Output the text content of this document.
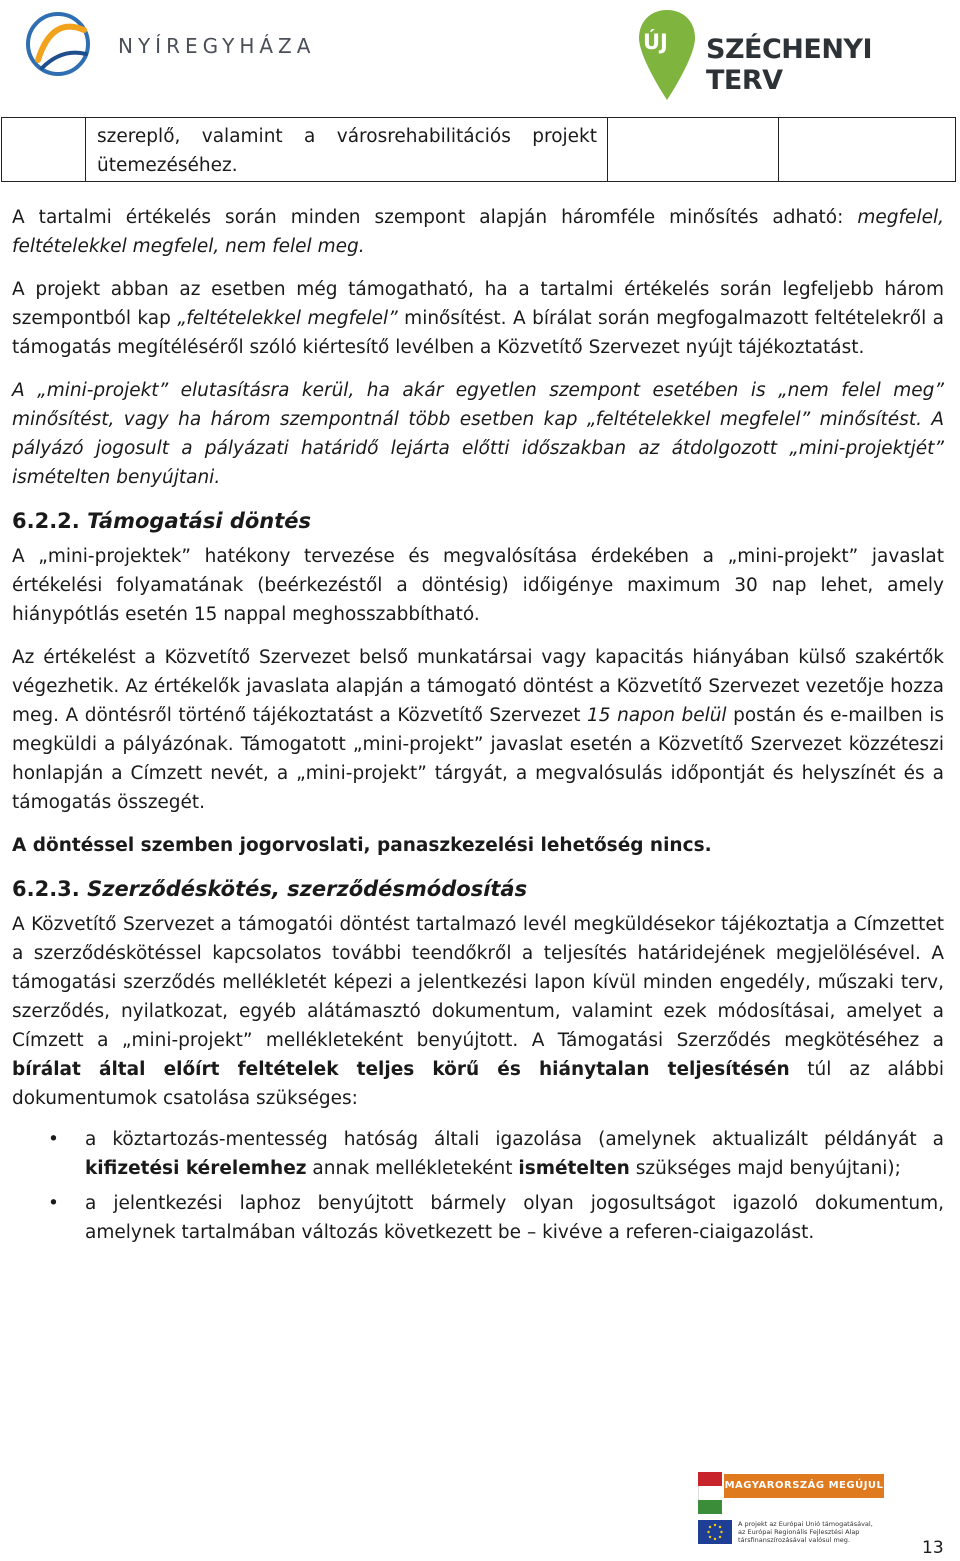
NYÍREGYHÁZA	ÚJ SZÉCHENYI TERV
	szereplő, valamint a városrehabilitációs projekt ütemezéséhez.		

A tartalmi értékelés során minden szempont alapján háromféle minősítés adható: megfelel, feltételekkel megfelel, nem felel meg.

A projekt abban az esetben még támogatható, ha a tartalmi értékelés során legfeljebb három szempontból kap „feltételekkel megfelel” minősítést. A bírálat során megfogalmazott feltételekről a támogatás megítéléséről szóló kiértesítő levélben a Közvetítő Szervezet nyújt tájékoztatást.

A „mini-projekt” elutasításra kerül, ha akár egyetlen szempont esetében is „nem felel meg” minősítést, vagy ha három szempontnál több esetben kap „feltételekkel megfelel” minősítést. A pályázó jogosult a pályázati határidő lejárta előtti időszakban az átdolgozott „mini-projektjét” ismételten benyújtani.

6.2.2. Támogatási döntés

A „mini-projektek” hatékony tervezése és megvalósítása érdekében a „mini-projekt” javaslat értékelési folyamatának (beérkezéstől a döntésig) időigénye maximum 30 nap lehet, amely hiánypótlás esetén 15 nappal meghosszabbítható.

Az értékelést a Közvetítő Szervezet belső munkatársai vagy kapacitás hiányában külső szakértők végezhetik. Az értékelők javaslata alapján a támogató döntést a Közvetítő Szervezet vezetője hozza meg. A döntésről történő tájékoztatást a Közvetítő Szervezet 15 napon belül postán és e-mailben is megküldi a pályázónak. Támogatott „mini-projekt” javaslat esetén a Közvetítő Szervezet közzéteszi honlapján a Címzett nevét, a „mini-projekt” tárgyát, a megvalósulás időpontját és helyszínét és a támogatás összegét.

A döntéssel szemben jogorvoslati, panaszkezelési lehetőség nincs.

6.2.3. Szerződéskötés, szerződésmódosítás

A Közvetítő Szervezet a támogatói döntést tartalmazó levél megküldésekor tájékoztatja a Címzettet a szerződéskötéssel kapcsolatos további teendőkről a teljesítés határidejének megjelölésével. A támogatási szerződés mellékletét képezi a jelentkezési lapon kívül minden engedély, műszaki terv, szerződés, nyilatkozat, egyéb alátámasztó dokumentum, valamint ezek módosításai, amelyet a Címzett a „mini-projekt” mellékleteként benyújtott. A Támogatási Szerződés megkötéséhez a bírálat által előírt feltételek teljes körű és hiánytalan teljesítésén túl az alábbi dokumentumok csatolása szükséges:

• a köztartozás-mentesség hatóság általi igazolása (amelynek aktualizált példányát a kifizetési kérelemhez annak mellékleteként ismételten szükséges majd benyújtani);
• a jelentkezési laphoz benyújtott bármely olyan jogosultságot igazoló dokumentum, amelynek tartalmában változás következett be – kivéve a referen-ciaigazolást.
MAGYARORSZÁG MEGÚJUL
A projekt az Európai Unió támogatásával,
az Európai Regionális Fejlesztési Alap
társfinanszírozásával valósul meg.	13
